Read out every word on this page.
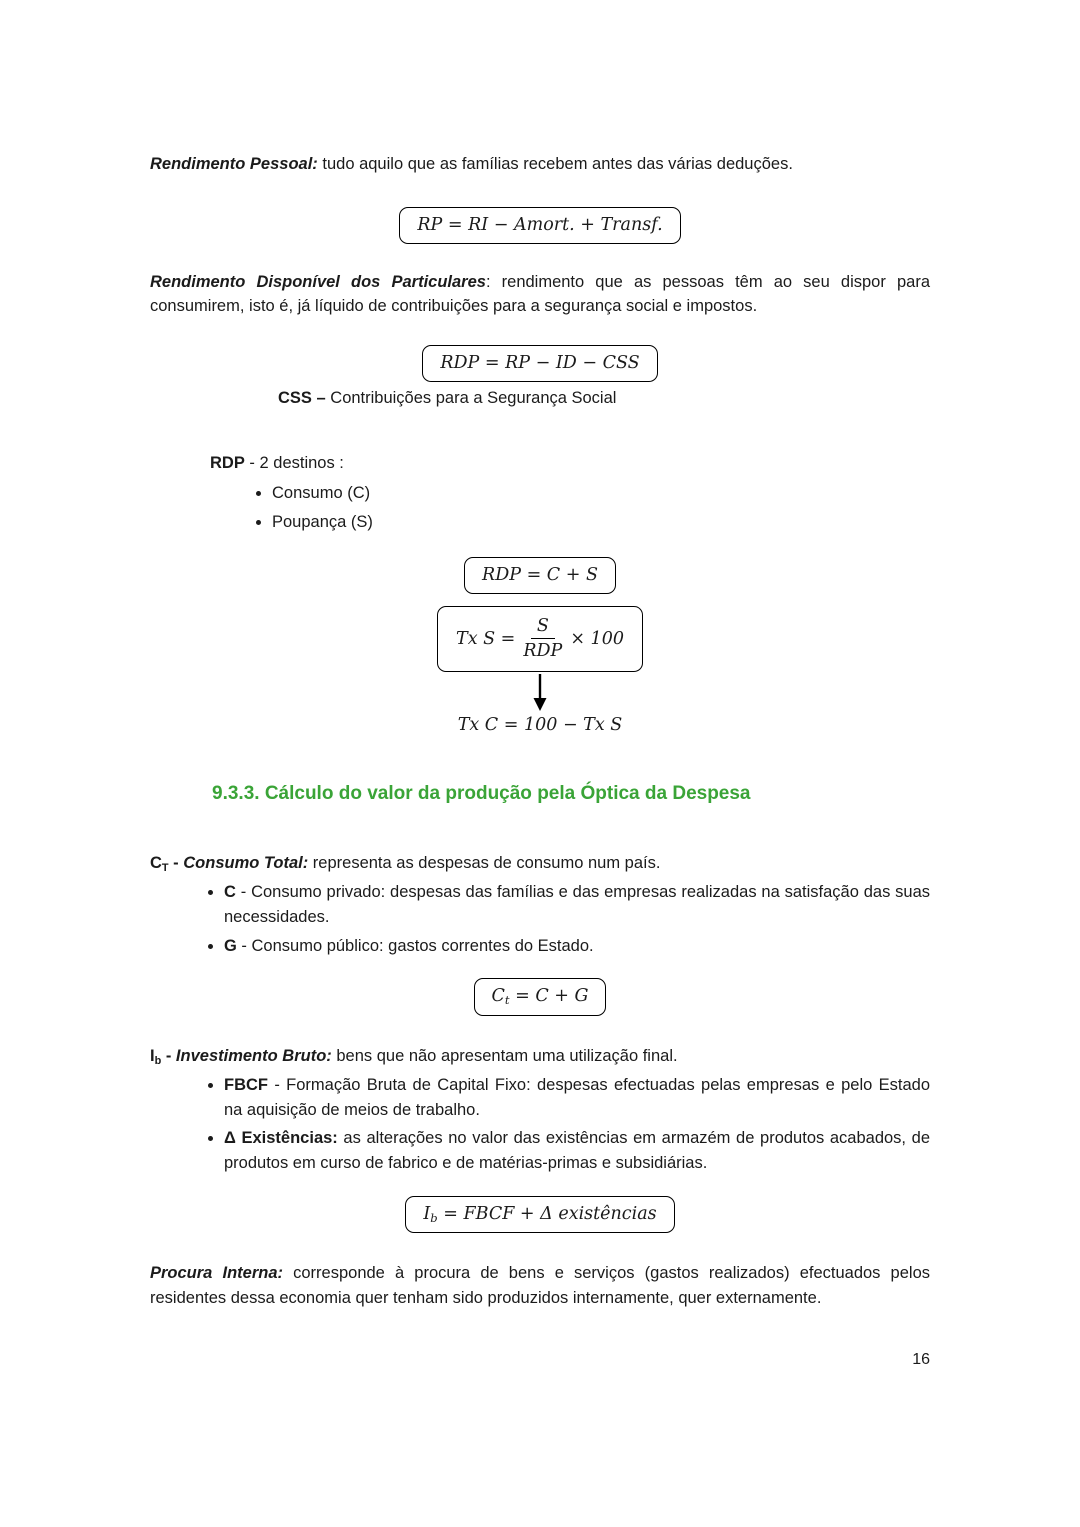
Rendimento Pessoal: tudo aquilo que as famílias recebem antes das várias deduções.

RP = RI − Amort. + Transf.

Rendimento Disponível dos Particulares: rendimento que as pessoas têm ao seu dispor para consumirem, isto é, já líquido de contribuições para a segurança social e impostos.

RDP = RP − ID − CSS

CSS – Contribuições para a Segurança Social

RDP - 2 destinos :

• Consumo (C)
• Poupança (S)
RDP = C + S
Tx $S = \frac{S}{\text{RDP}} \times 100$
Tx C = 100 − Tx S
9.3.3. Cálculo do valor da produção pela Óptica da Despesa

$C_T$ - Consumo Total: representa as despesas de consumo num país.

• C - Consumo privado: despesas das famílias e das empresas realizadas na satisfação das suas necessidades.
• G - Consumo público: gastos correntes do Estado.
$C_t = C + G$

$I_b$ - Investimento Bruto: bens que não apresentam uma utilização final.

• FBCF - Formação Bruta de Capital Fixo: despesas efectuadas pelas empresas e pelo Estado na aquisição de meios de trabalho.
• Δ Existências: as alterações no valor das existências em armazém de produtos acabados, de produtos em curso de fabrico e de matérias-primas e subsidiárias.
$I_b$ = FBCF + Δ existências

Procura Interna: corresponde à procura de bens e serviços (gastos realizados) efectuados pelos residentes dessa economia quer tenham sido produzidos internamente, quer externamente.

16
